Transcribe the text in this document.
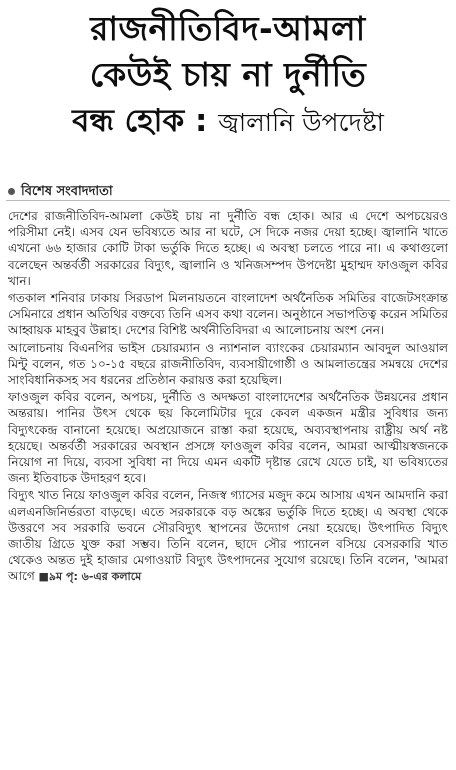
রাজনীতিবিদ-আমলা
কেউই চায় না দুর্নীতি
বন্ধ হোক : জ্বালানি উপদেষ্টা
বিশেষ সংবাদদাতা

দেশের রাজনীতিবিদ-আমলা কেউই চায় না দুর্নীতি বন্ধ হোক। আর এ দেশে অপচয়েরও পরিসীমা নেই। এসব যেন ভবিষ্যতে আর না ঘটে, সে দিকে নজর দেয়া হচ্ছে। জ্বালানি খাতে এখনো ৬৬ হাজার কোটি টাকা ভর্তুকি দিতে হচ্ছে। এ অবস্থা চলতে পারে না। এ কথাগুলো বলেছেন অন্তর্বর্তী সরকারের বিদ্যুৎ, জ্বালানি ও খনিজসম্পদ উপদেষ্টা মুহাম্মদ ফাওজুল কবির খান।

গতকাল শনিবার ঢাকায় সিরডাপ মিলনায়তনে বাংলাদেশ অর্থনৈতিক সমিতির বাজেটসংক্রান্ত সেমিনারে প্রধান অতিথির বক্তব্যে তিনি এসব কথা বলেন। অনুষ্ঠানে সভাপতিত্ব করেন সমিতির আহ্বায়ক মাহবুব উল্লাহ। দেশের বিশিষ্ট অর্থনীতিবিদরা এ আলোচনায় অংশ নেন।

আলোচনায় বিএনপির ভাইস চেয়ারম্যান ও ন্যাশনাল ব্যাংকের চেয়ারম্যান আবদুল আওয়াল মিন্টু বলেন, গত ১০-১৫ বছরে রাজনীতিবিদ, ব্যবসায়ীগোষ্ঠী ও আমলাতন্ত্রের সমন্বয়ে দেশের সাংবিধানিকসহ সব ধরনের প্রতিষ্ঠান করায়ত্ত করা হয়েছিল।

ফাওজুল কবির বলেন, অপচয়, দুর্নীতি ও অদক্ষতা বাংলাদেশের অর্থনৈতিক উন্নয়নের প্রধান অন্তরায়। পানির উৎস থেকে ছয় কিলোমিটার দূরে কেবল একজন মন্ত্রীর সুবিধার জন্য বিদ্যুৎকেন্দ্র বানানো হয়েছে। অপ্রয়োজনে রাস্তা করা হয়েছে, অব্যবস্থাপনায় রাষ্ট্রীয় অর্থ নষ্ট হয়েছে। অন্তর্বর্তী সরকারের অবস্থান প্রসঙ্গে ফাওজুল কবির বলেন, আমরা আত্মীয়স্বজনকে নিয়োগ না দিয়ে, ব্যবসা সুবিধা না দিয়ে এমন একটি দৃষ্টান্ত রেখে যেতে চাই, যা ভবিষ্যতের জন্য ইতিবাচক উদাহরণ হবে।

বিদ্যুৎ খাত নিয়ে ফাওজুল কবির বলেন, নিজস্ব গ্যাসের মজুদ কমে আসায় এখন আমদানি করা এলএনজিনির্ভরতা বাড়ছে। এতে সরকারকে বড় অঙ্কের ভর্তুকি দিতে হচ্ছে। এ অবস্থা থেকে উত্তরণে সব সরকারি ভবনে সৌরবিদ্যুৎ স্থাপনের উদ্যোগ নেয়া হয়েছে। উৎপাদিত বিদ্যুৎ জাতীয় গ্রিডে যুক্ত করা সম্ভব। তিনি বলেন, ছাদে সৌর প্যানেল বসিয়ে বেসরকারি খাত থেকেও অন্তত দুই হাজার মেগাওয়াট বিদ্যুৎ উৎপাদনের সুযোগ রয়েছে। তিনি বলেন, 'আমরা আগে ■৯ম পৃ: ৬-এর কলামে
